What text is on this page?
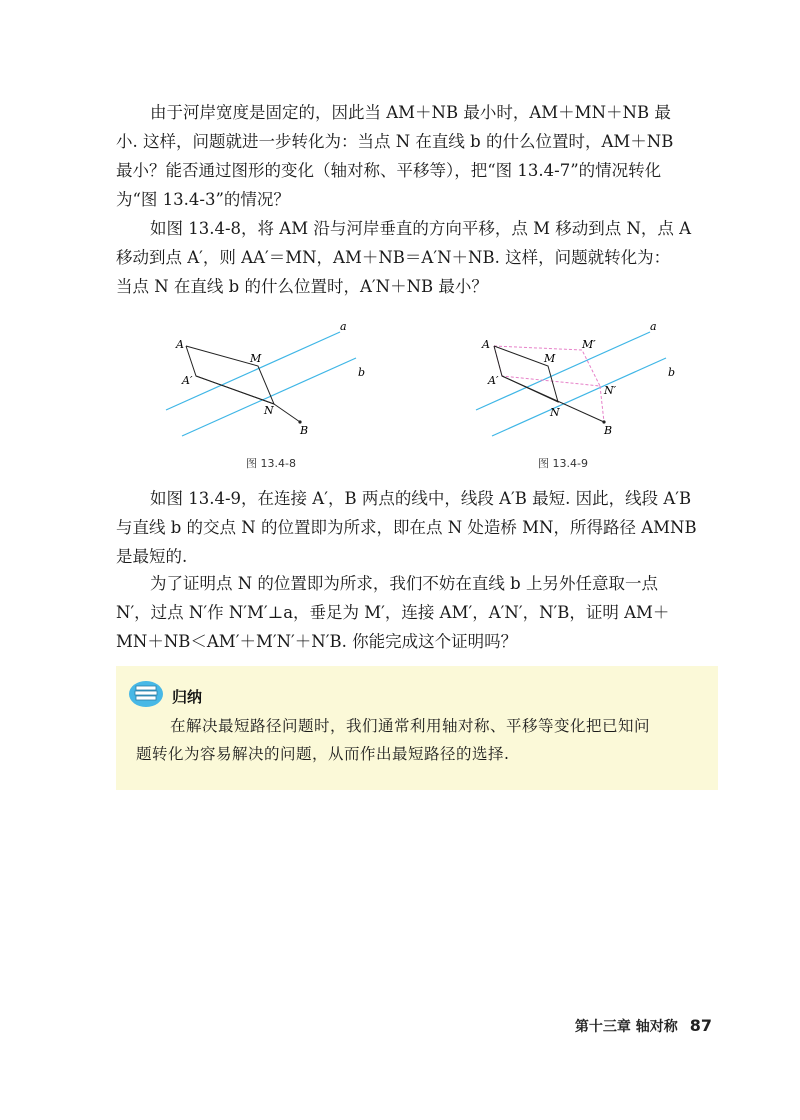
由于河岸宽度是固定的，因此当 AM＋NB 最小时，AM＋MN＋NB 最
小. 这样，问题就进一步转化为：当点 N 在直线 b 的什么位置时，AM＋NB
最小？能否通过图形的变化（轴对称、平移等），把“图 13.4-7”的情况转化
为“图 13.4-3”的情况？
如图 13.4-8，将 AM 沿与河岸垂直的方向平移，点 M 移动到点 N，点 A
移动到点 A′，则 AA′＝MN，AM＋NB＝A′N＋NB. 这样，问题就转化为：
当点 N 在直线 b 的什么位置时，A′N＋NB 最小？
A
A′
M
N
B
a
b
图 13.4-8
A
A′
M
M′
N
N′
B
a
b
图 13.4-9
如图 13.4-9，在连接 A′，B 两点的线中，线段 A′B 最短. 因此，线段 A′B
与直线 b 的交点 N 的位置即为所求，即在点 N 处造桥 MN，所得路径 AMNB
是最短的.
为了证明点 N 的位置即为所求，我们不妨在直线 b 上另外任意取一点
N′，过点 N′作 N′M′⊥a，垂足为 M′，连接 AM′，A′N′，N′B，证明 AM＋
MN＋NB＜AM′＋M′N′＋N′B. 你能完成这个证明吗？
归纳
在解决最短路径问题时，我们通常利用轴对称、平移等变化把已知问
题转化为容易解决的问题，从而作出最短路径的选择.
第十三章 轴对称 87
